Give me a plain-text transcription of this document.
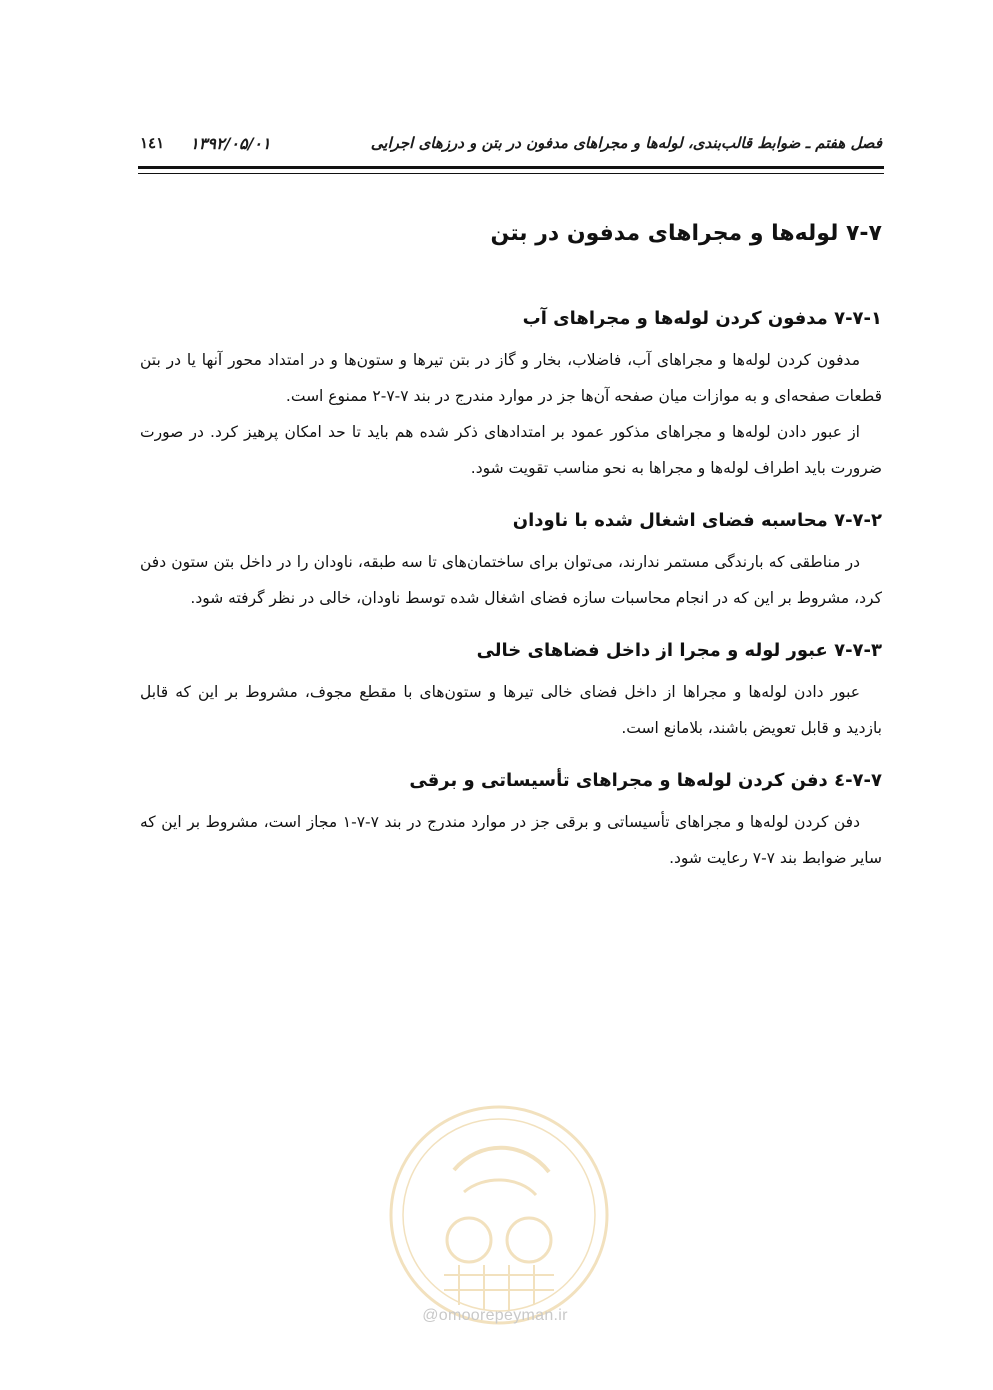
فصل هفتم ـ ضوابط قالب‌بندی، لوله‌ها و مجراهای مدفون در بتن و درزهای اجرایی
۱٤۱ ۱۳۹۲/۰۵/۰۱
۷-۷ لوله‌ها و مجراهای مدفون در بتن
۷-۷-۱ مدفون کردن لوله‌ها و مجراهای آب

مدفون کردن لوله‌ها و مجراهای آب، فاضلاب، بخار و گاز در بتن تیرها و ستون‌ها و در امتداد محور آنها یا در بتن قطعات صفحه‌ای و به موازات میان صفحه آن‌ها جز در موارد مندرج در بند ۷-۷-۲ ممنوع است.

از عبور دادن لوله‌ها و مجراهای مذکور عمود بر امتدادهای ذکر شده هم باید تا حد امکان پرهیز کرد. در صورت ضرورت باید اطراف لوله‌ها و مجراها به نحو مناسب تقویت شود.

۷-۷-۲ محاسبه فضای اشغال شده با ناودان

در مناطقی که بارندگی مستمر ندارند، می‌توان برای ساختمان‌های تا سه طبقه، ناودان را در داخل بتن ستون دفن کرد، مشروط بر این که در انجام محاسبات سازه فضای اشغال شده توسط ناودان، خالی در نظر گرفته شود.

۷-۷-۳ عبور لوله و مجرا از داخل فضاهای خالی

عبور دادن لوله‌ها و مجراها از داخل فضای خالی تیرها و ستون‌های با مقطع مجوف، مشروط بر این که قابل بازدید و قابل تعویض باشند، بلامانع است.

۷-۷-٤ دفن کردن لوله‌ها و مجراهای تأسیساتی و برقی

دفن کردن لوله‌ها و مجراهای تأسیساتی و برقی جز در موارد مندرج در بند ۷-۷-۱ مجاز است، مشروط بر این که سایر ضوابط بند ۷-۷ رعایت شود.

@omoorepeyman.ir
